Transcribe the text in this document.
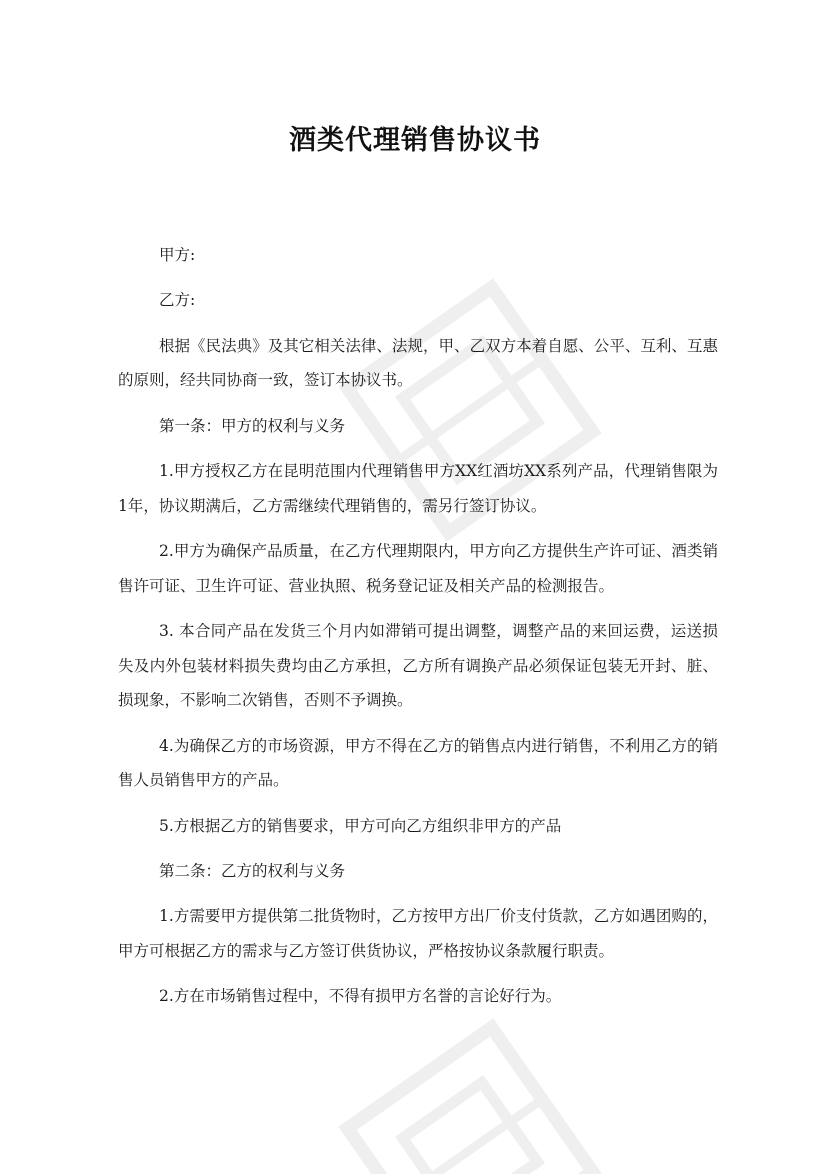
酒类代理销售协议书

甲方:

乙方:

根据《民法典》及其它相关法律、法规，甲、乙双方本着自愿、公平、互利、互惠的原则，经共同协商一致，签订本协议书。

第一条：甲方的权利与义务

1.甲方授权乙方在昆明范围内代理销售甲方XX红酒坊XX系列产品，代理销售限为 1年，协议期满后，乙方需继续代理销售的，需另行签订协议。

2.甲方为确保产品质量，在乙方代理期限内，甲方向乙方提供生产许可证、酒类销售许可证、卫生许可证、营业执照、税务登记证及相关产品的检测报告。

3. 本合同产品在发货三个月内如滞销可提出调整，调整产品的来回运费，运送损失及内外包装材料损失费均由乙方承担，乙方所有调换产品必须保证包装无开封、脏、损现象，不影响二次销售，否则不予调换。

4.为确保乙方的市场资源，甲方不得在乙方的销售点内进行销售，不利用乙方的销售人员销售甲方的产品。

5.方根据乙方的销售要求，甲方可向乙方组织非甲方的产品

第二条：乙方的权利与义务

1.方需要甲方提供第二批货物时，乙方按甲方出厂价支付货款，乙方如遇团购的，甲方可根据乙方的需求与乙方签订供货协议，严格按协议条款履行职责。

2.方在市场销售过程中，不得有损甲方名誉的言论好行为。
